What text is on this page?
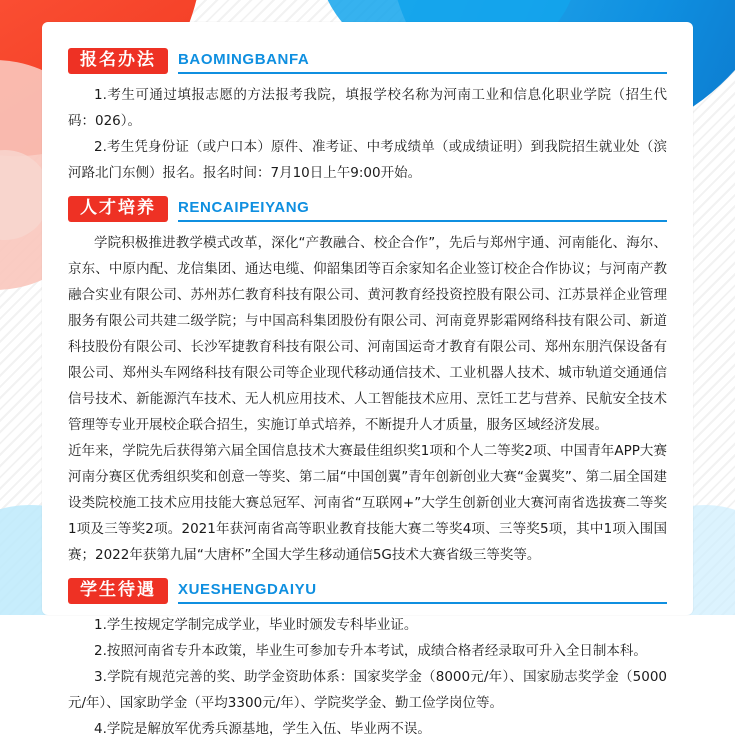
报名办法	BAOMINGBANFA

1.考生可通过填报志愿的方法报考我院，填报学校名称为河南工业和信息化职业学院（招生代码：026）。

2.考生凭身份证（或户口本）原件、准考证、中考成绩单（或成绩证明）到我院招生就业处（滨河路北门东侧）报名。报名时间：7月10日上午9:00开始。

人才培养	RENCAIPEIYANG

学院积极推进教学模式改革，深化“产教融合、校企合作”，先后与郑州宇通、河南能化、海尔、京东、中原内配、龙信集团、通达电缆、仰韶集团等百余家知名企业签订校企合作协议；与河南产教融合实业有限公司、苏州苏仁教育科技有限公司、黄河教育经投资控股有限公司、江苏景祥企业管理服务有限公司共建二级学院；与中国高科集团股份有限公司、河南竟界影霜网络科技有限公司、新道科技股份有限公司、长沙军捷教育科技有限公司、河南国运奇才教育有限公司、郑州东朋汽保设备有限公司、郑州头车网络科技有限公司等企业现代移动通信技术、工业机器人技术、城市轨道交通通信信号技术、新能源汽车技术、无人机应用技术、人工智能技术应用、烹饪工艺与营养、民航安全技术管理等专业开展校企联合招生，实施订单式培养，不断提升人才质量，服务区域经济发展。

近年来，学院先后获得第六届全国信息技术大赛最佳组织奖1项和个人二等奖2项、中国青年APP大赛河南分赛区优秀组织奖和创意一等奖、第二届“中国创翼”青年创新创业大赛“金翼奖”、第二届全国建设类院校施工技术应用技能大赛总冠军、河南省“互联网+”大学生创新创业大赛河南省选拔赛二等奖1项及三等奖2项。2021年获河南省高等职业教育技能大赛二等奖4项、三等奖5项，其中1项入围国赛；2022年获第九届“大唐杯”全国大学生移动通信5G技术大赛省级三等奖等。

学生待遇	XUESHENGDAIYU

1.学生按规定学制完成学业，毕业时颁发专科毕业证。

2.按照河南省专升本政策，毕业生可参加专升本考试，成绩合格者经录取可升入全日制本科。

3.学院有规范完善的奖、助学金资助体系：国家奖学金（8000元/年）、国家励志奖学金（5000元/年）、国家助学金（平均3300元/年）、学院奖学金、勤工俭学岗位等。

4.学院是解放军优秀兵源基地，学生入伍、毕业两不误。
